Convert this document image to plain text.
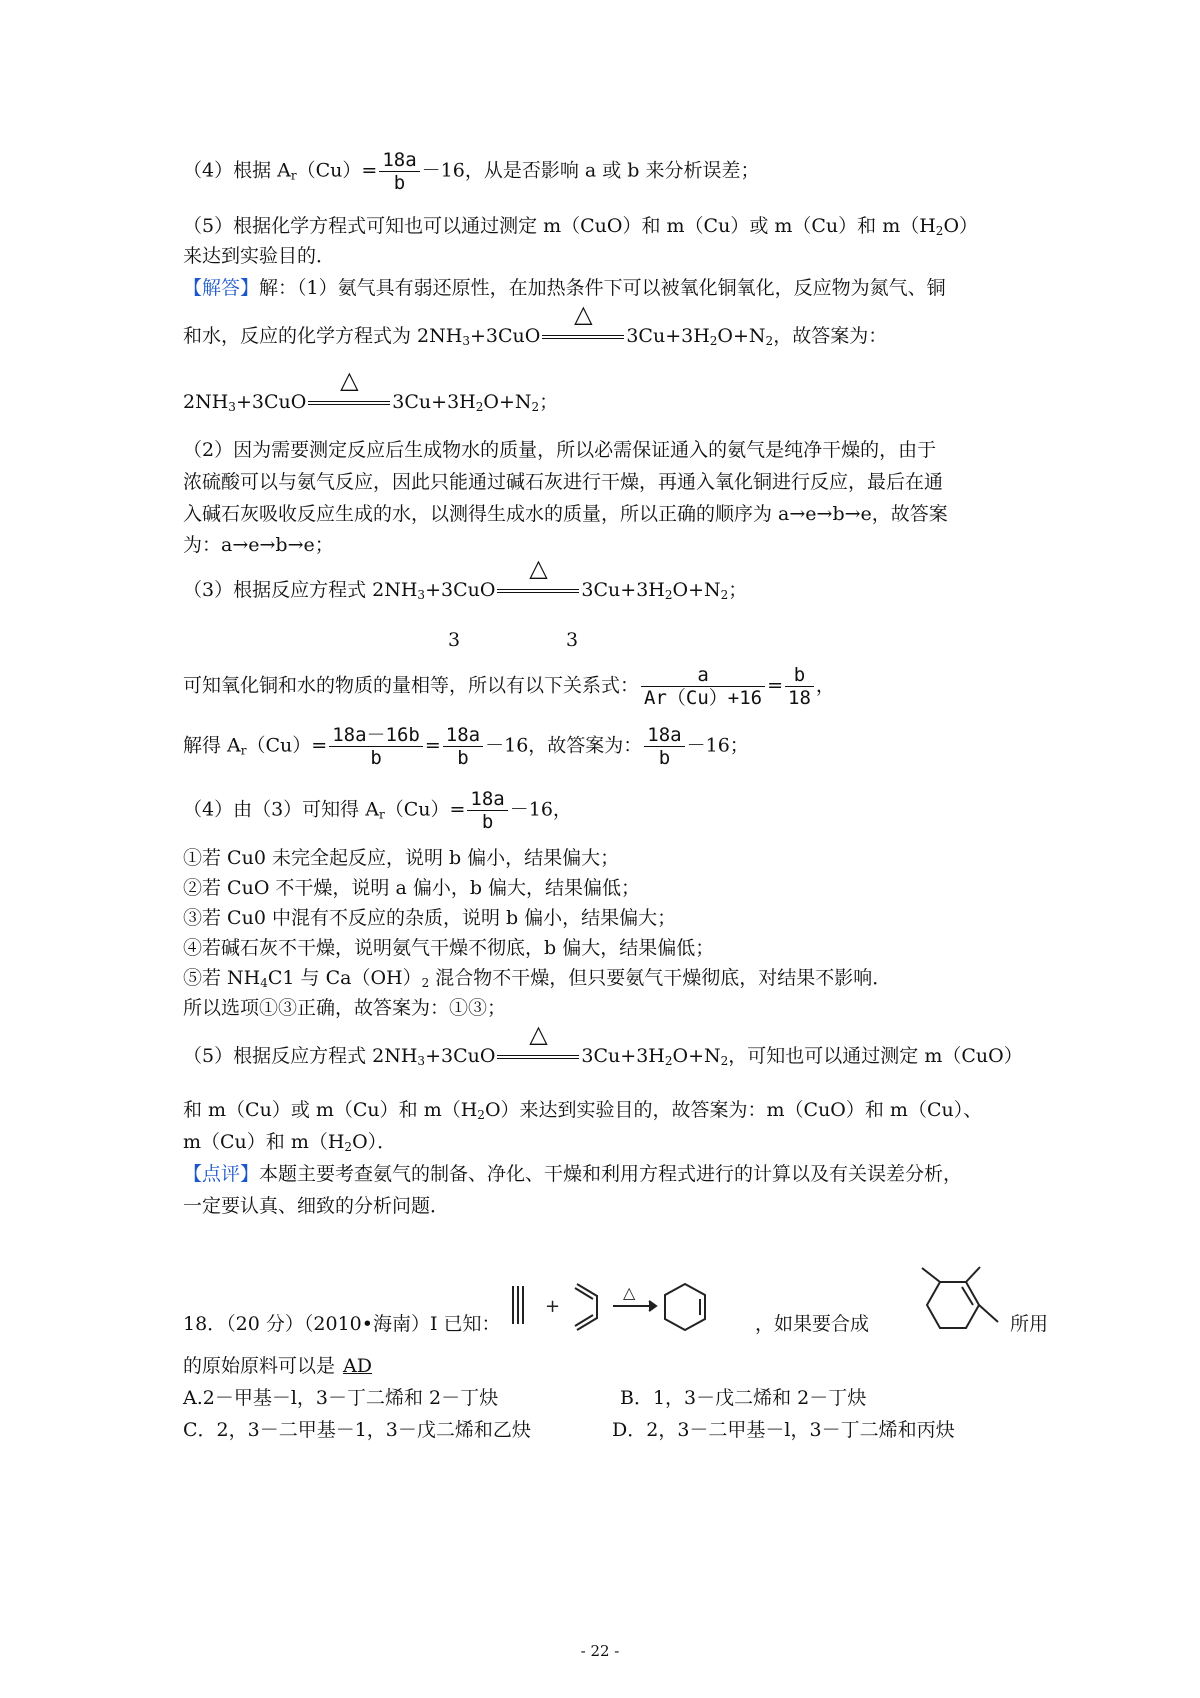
（4）根据 $A_r(Cu)= \frac{18a}{b} -16$，从是否影响 a 或 b 来分析误差；
（5）根据化学方程式可知也可以通过测定 m（CuO）和 m（Cu）或 m（Cu）和 $m(H_2O)$
来达到实验目的．
【解答】解：（1）氨气具有弱还原性，在加热条件下可以被氧化铜氧化，反应物为氮气、铜
和水，反应的化学方程式为 $2NH_3+3CuO$
△
$3Cu+3H_2O+N_2$，故答案为：
$2NH_3+3CuO$
△
$3Cu+3H_2O+N_2$；
（2）因为需要测定反应后生成物水的质量，所以必需保证通入的氨气是纯净干燥的，由于
浓硫酸可以与氨气反应，因此只能通过碱石灰进行干燥，再通入氧化铜进行反应，最后在通
入碱石灰吸收反应生成的水，以测得生成水的质量，所以正确的顺序为 a→e→b→e，故答案
为：a→e→b→e；
（3）根据反应方程式 $2NH_3+3CuO$
△
$3Cu+3H_2O+N_2$；
3	3
可知氧化铜和水的物质的量相等，所以有以下关系式： $\frac{a}{Ar(Cu)+16} = \frac{b}{18}$ ，
解得 $A_r(Cu)= \frac{18a-16b}{b} = \frac{18a}{b} -16$，故答案为： $\frac{18a}{b} -16$；
（4）由（3）可知得 $A_r(Cu)= \frac{18a}{b} -16$，
①若 Cu0 未完全起反应，说明 b 偏小，结果偏大；
②若 CuO 不干燥，说明 a 偏小，b 偏大，结果偏低；
③若 Cu0 中混有不反应的杂质，说明 b 偏小，结果偏大；
④若碱石灰不干燥，说明氨气干燥不彻底，b 偏大，结果偏低；
⑤若 $NH_4C1$ 与 $Ca(OH)_2$ 混合物不干燥，但只要氨气干燥彻底，对结果不影响．
所以选项①③正确，故答案为：①③；
（5）根据反应方程式 $2NH_3+3CuO$
△
$3Cu+3H_2O+N_2$，可知也可以通过测定 m（CuO）
和 m（Cu）或 m（Cu）和 $m(H_2O)$来达到实验目的，故答案为：m（CuO）和 m（Cu）、
m（Cu）和 $m(H_2O)$．
【点评】本题主要考查氨气的制备、净化、干燥和利用方程式进行的计算以及有关误差分析，
一定要认真、细致的分析问题．
18．（20 分）（2010•海南）I 已知：
+
△
，如果要合成	所用
的原始原料可以是 AD
A.2－甲基－l，3－丁二烯和 2－丁炔	B．1，3－戊二烯和 2－丁炔
C．2，3－二甲基－1，3－戊二烯和乙炔	D．2，3－二甲基－l，3－丁二烯和丙炔
- 22 -
